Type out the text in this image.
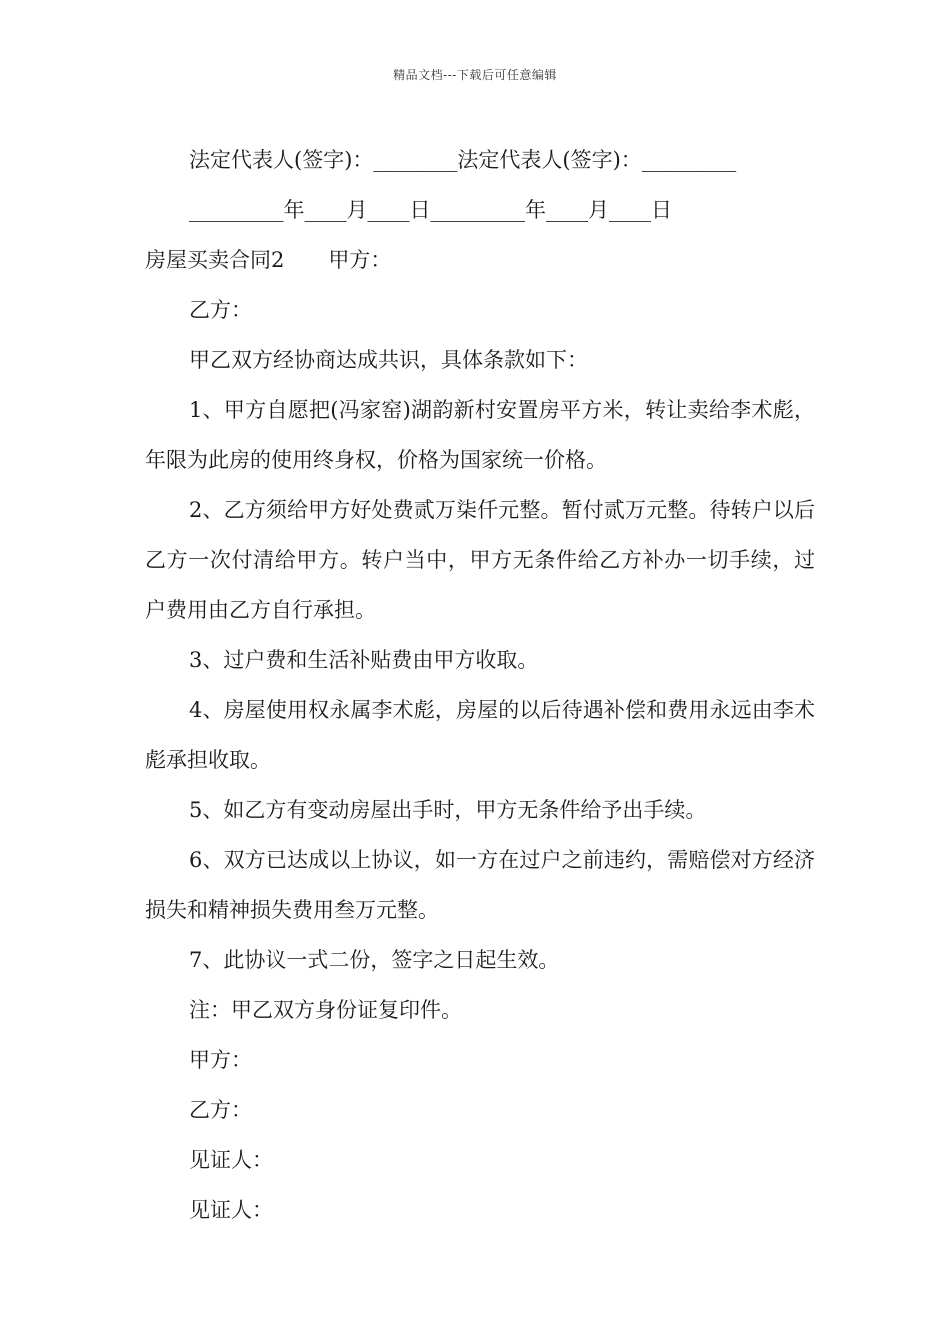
精品文档---下载后可任意编辑

法定代表人(签字)：________法定代表人(签字)：_________

_________年____月____日_________年____月____日

房屋买卖合同2 甲方：

乙方：

甲乙双方经协商达成共识，具体条款如下：

1、甲方自愿把(冯家窑)湖韵新村安置房平方米，转让卖给李术彪，年限为此房的使用终身权，价格为国家统一价格。

2、乙方须给甲方好处费贰万柒仟元整。暂付贰万元整。待转户以后乙方一次付清给甲方。转户当中，甲方无条件给乙方补办一切手续，过户费用由乙方自行承担。

3、过户费和生活补贴费由甲方收取。

4、房屋使用权永属李术彪，房屋的以后待遇补偿和费用永远由李术彪承担收取。

5、如乙方有变动房屋出手时，甲方无条件给予出手续。

6、双方已达成以上协议，如一方在过户之前违约，需赔偿对方经济损失和精神损失费用叁万元整。

7、此协议一式二份，签字之日起生效。

注：甲乙双方身份证复印件。

甲方：

乙方：

见证人：

见证人：
